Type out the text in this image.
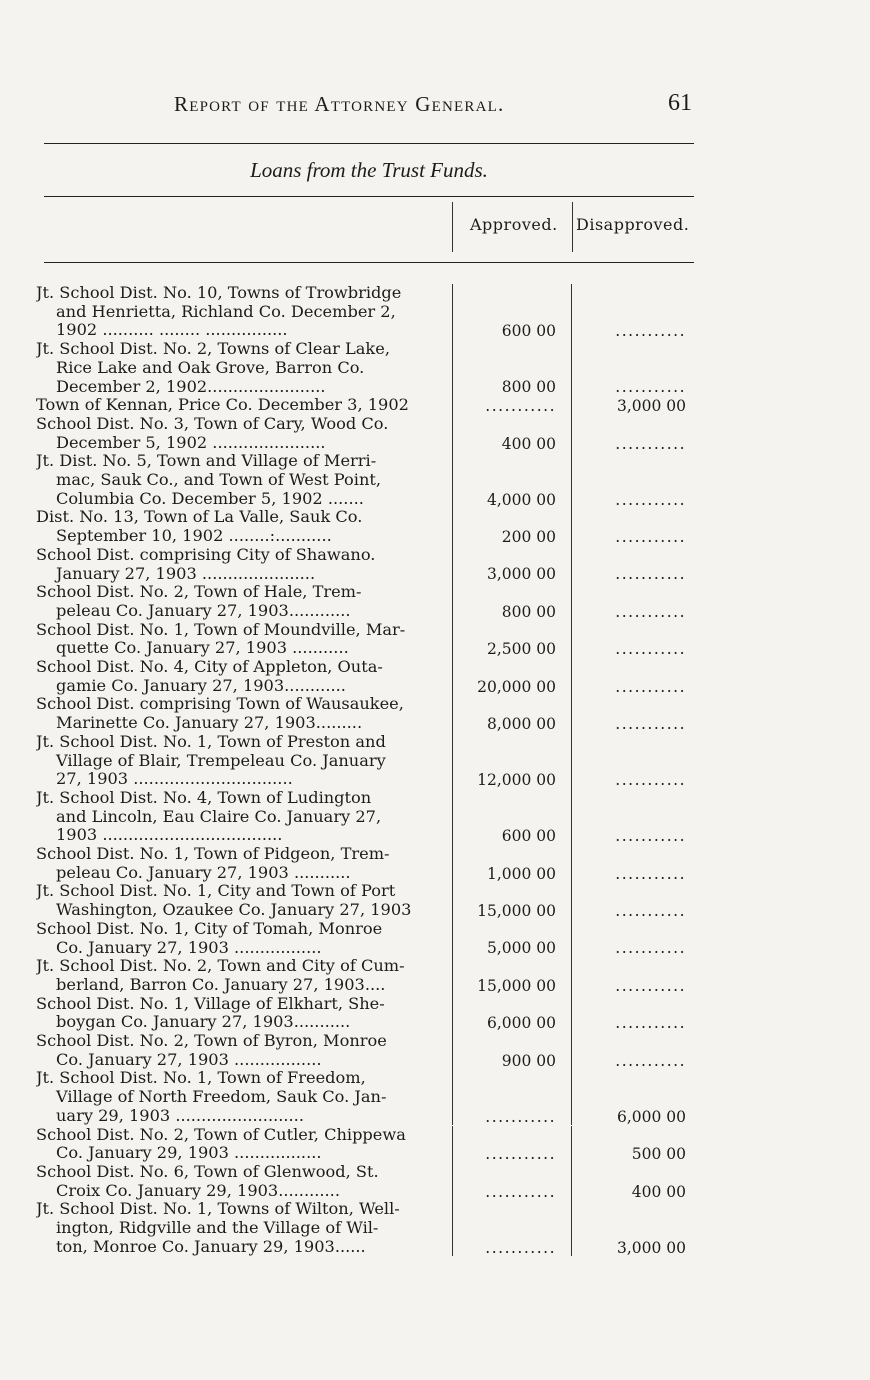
Report of the Attorney General.	61
Loans from the Trust Funds.
Approved. Disapproved.
Jt. School Dist. No. 10, Towns of Trowbridge
and Henrietta, Richland Co. December 2,
1902 .......... ........ ................	600 00	...........
Jt. School Dist. No. 2, Towns of Clear Lake,
Rice Lake and Oak Grove, Barron Co.
December 2, 1902.......................	800 00	...........
Town of Kennan, Price Co. December 3, 1902	...........	3,000 00
School Dist. No. 3, Town of Cary, Wood Co.
December 5, 1902 ......................	400 00	...........
Jt. Dist. No. 5, Town and Village of Merri-
mac, Sauk Co., and Town of West Point,
Columbia Co. December 5, 1902 .......	4,000 00	...........
Dist. No. 13, Town of La Valle, Sauk Co.
September 10, 1902 ........:...........	200 00	...........
School Dist. comprising City of Shawano.
January 27, 1903 ......................	3,000 00	...........
School Dist. No. 2, Town of Hale, Trem-
peleau Co. January 27, 1903............	800 00	...........
School Dist. No. 1, Town of Moundville, Mar-
quette Co. January 27, 1903 ...........	2,500 00	...........
School Dist. No. 4, City of Appleton, Outa-
gamie Co. January 27, 1903............	20,000 00	...........
School Dist. comprising Town of Wausaukee,
Marinette Co. January 27, 1903.........	8,000 00	...........
Jt. School Dist. No. 1, Town of Preston and
Village of Blair, Trempeleau Co. January
27, 1903 ...............................	12,000 00	...........
Jt. School Dist. No. 4, Town of Ludington
and Lincoln, Eau Claire Co. January 27,
1903 ...................................	600 00	...........
School Dist. No. 1, Town of Pidgeon, Trem-
peleau Co. January 27, 1903 ...........	1,000 00	...........
Jt. School Dist. No. 1, City and Town of Port
Washington, Ozaukee Co. January 27, 1903	15,000 00	...........
School Dist. No. 1, City of Tomah, Monroe
Co. January 27, 1903 .................	5,000 00	...........
Jt. School Dist. No. 2, Town and City of Cum-
berland, Barron Co. January 27, 1903....	15,000 00	...........
School Dist. No. 1, Village of Elkhart, She-
boygan Co. January 27, 1903...........	6,000 00	...........
School Dist. No. 2, Town of Byron, Monroe
Co. January 27, 1903 .................	900 00	...........
Jt. School Dist. No. 1, Town of Freedom,
Village of North Freedom, Sauk Co. Jan-
uary 29, 1903 .........................	...........	6,000 00
School Dist. No. 2, Town of Cutler, Chippewa
Co. January 29, 1903 .................	...........	500 00
School Dist. No. 6, Town of Glenwood, St.
Croix Co. January 29, 1903............	...........	400 00
Jt. School Dist. No. 1, Towns of Wilton, Well-
ington, Ridgville and the Village of Wil-
ton, Monroe Co. January 29, 1903......	...........	3,000 00
